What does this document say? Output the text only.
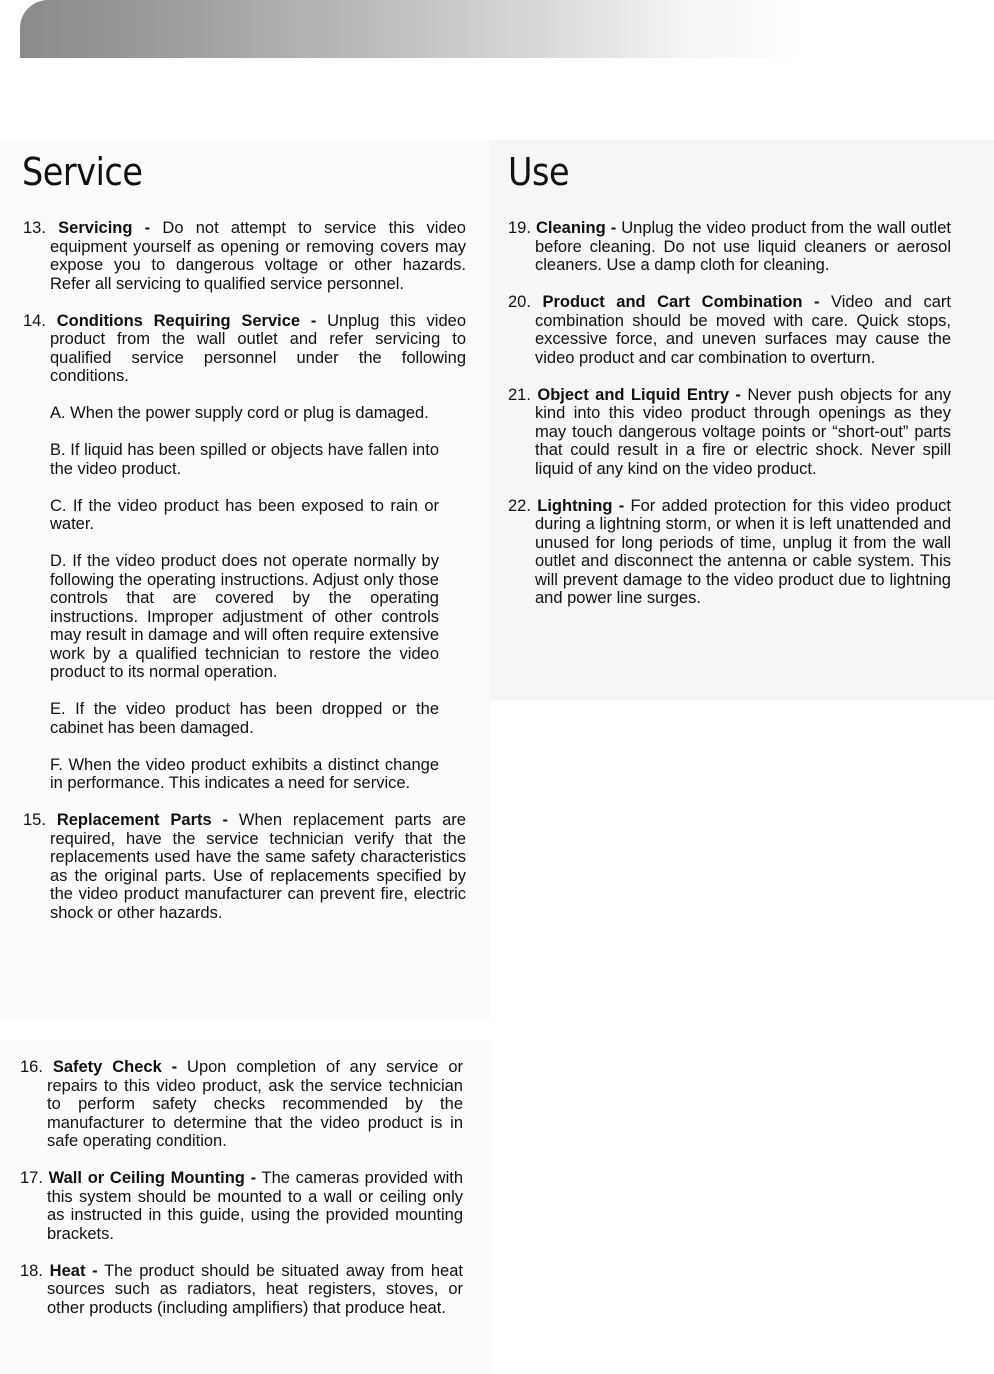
Service	Use

13. Servicing - Do not attempt to service this video equipment yourself as opening or removing covers may expose you to dangerous voltage or other hazards. Refer all servicing to qualified service personnel.

14. Conditions Requiring Service - Unplug this video product from the wall outlet and refer servicing to qualified service personnel under the following conditions.

A. When the power supply cord or plug is damaged.

B. If liquid has been spilled or objects have fallen into the video product.

C. If the video product has been exposed to rain or water.

D. If the video product does not operate normally by following the operating instructions. Adjust only those controls that are covered by the operating instructions. Improper adjustment of other controls may result in damage and will often require extensive work by a qualified technician to restore the video product to its normal operation.

E. If the video product has been dropped or the cabinet has been damaged.

F. When the video product exhibits a distinct change in performance. This indicates a need for service.

15. Replacement Parts - When replacement parts are required, have the service technician verify that the replacements used have the same safety characteristics as the original parts. Use of replacements specified by the video product manufacturer can prevent fire, electric shock or other hazards.

16. Safety Check - Upon completion of any service or repairs to this video product, ask the service technician to perform safety checks recommended by the manufacturer to determine that the video product is in safe operating condition.

17. Wall or Ceiling Mounting - The cameras provided with this system should be mounted to a wall or ceiling only as instructed in this guide, using the provided mounting brackets.

18. Heat - The product should be situated away from heat sources such as radiators, heat registers, stoves, or other products (including amplifiers) that produce heat.

19. Cleaning - Unplug the video product from the wall outlet before cleaning. Do not use liquid cleaners or aerosol cleaners. Use a damp cloth for cleaning.

20. Product and Cart Combination - Video and cart combination should be moved with care. Quick stops, excessive force, and uneven surfaces may cause the video product and car combination to overturn.

21. Object and Liquid Entry - Never push objects for any kind into this video product through openings as they may touch dangerous voltage points or “short-out” parts that could result in a fire or electric shock. Never spill liquid of any kind on the video product.

22. Lightning - For added protection for this video product during a lightning storm, or when it is left unattended and unused for long periods of time, unplug it from the wall outlet and disconnect the antenna or cable system. This will prevent damage to the video product due to lightning and power line surges.
